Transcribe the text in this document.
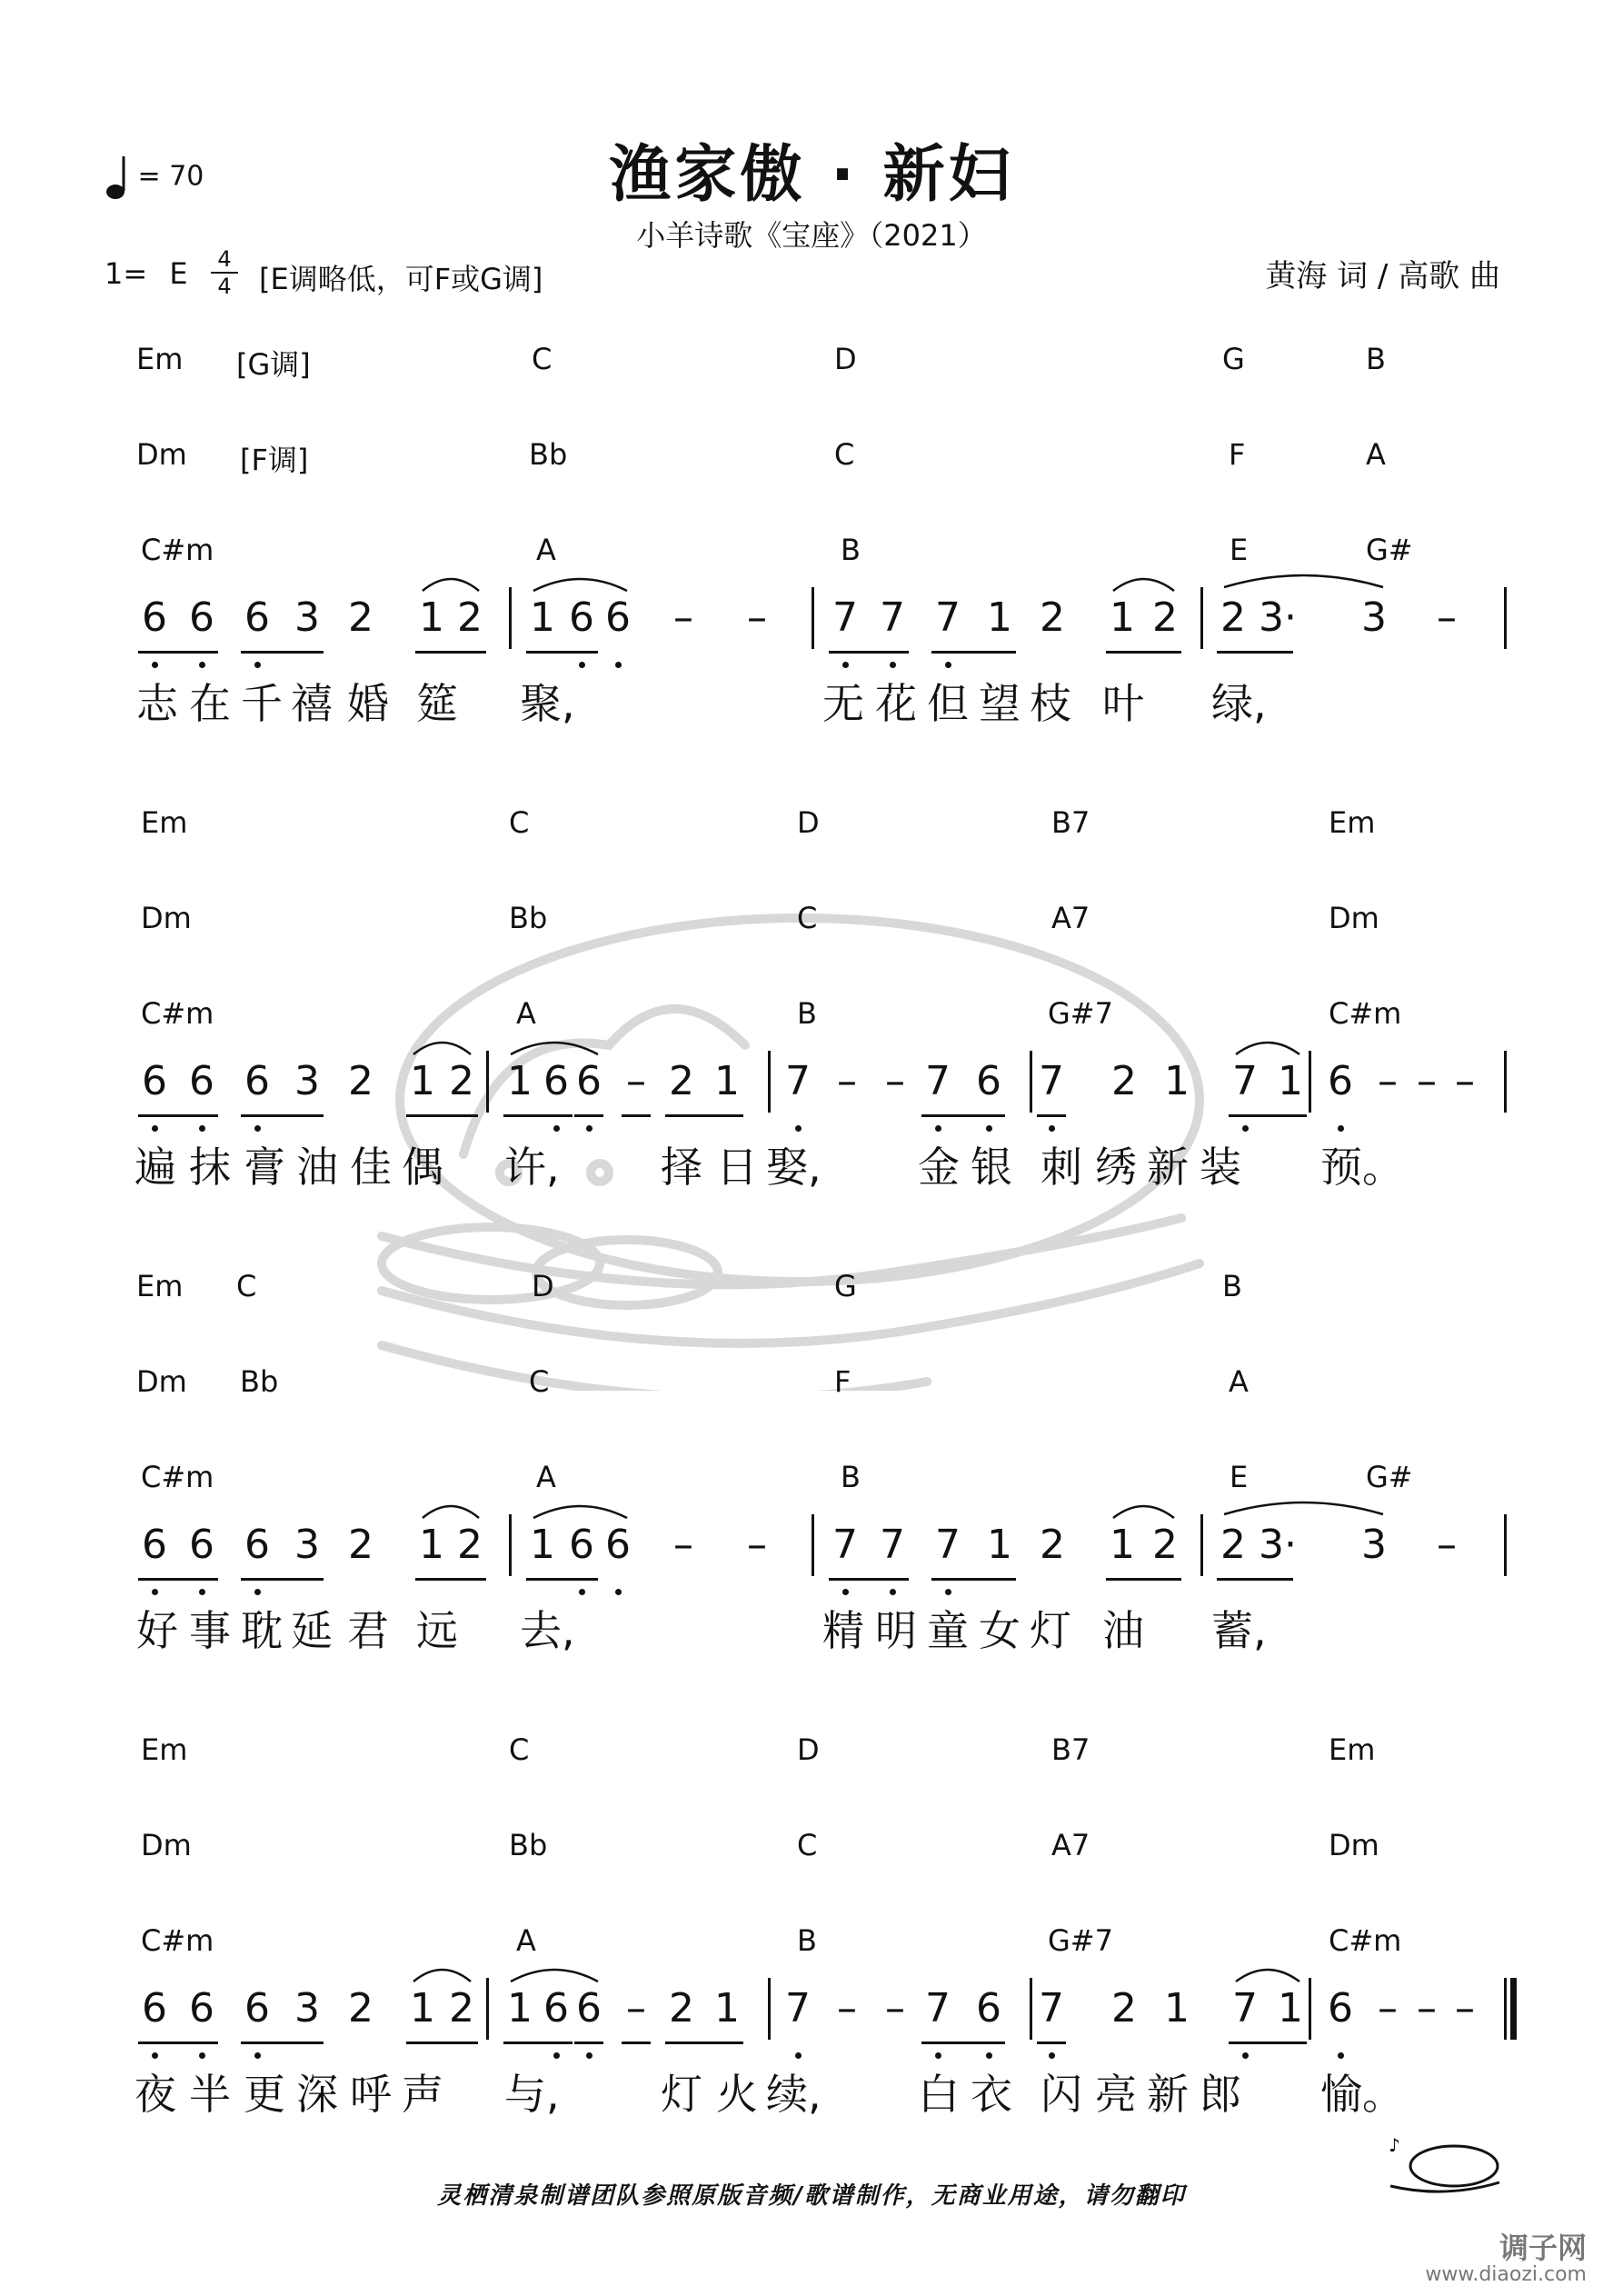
= 70	渔家傲 · 新妇
小羊诗歌《宝座》（2021）
1= E	4
4 [E调略低，可F或G调]	黄海 词 / 高歌 曲
Em [G调]	C	D	G	B
Dm [F调]	Bb	C	F	A
C#m	A	B	E	G#
6 6 6 3 2 1 2 1 6 6 – – 7 7 7 1 2 1 2 2 3· 3 –
志 在 千 禧 婚 筵 聚,	无 花 但 望 枝 叶 绿,
Em	C	D	B7	Em
Dm	Bb	C	A7	Dm
C#m	A	B	G#7	C#m
6 6 6 3 2 1 2 1 6 6 – 2 1 7 – – 7 6 7 2 1 7 1 6 – – –
遍 抹 膏 油 佳 偶 许, 择 日 娶, 金 银 刺 绣 新 装 预。
Em C	D	G	B
Dm Bb	C	F	A
C#m	A	B	E	G#
6 6 6 3 2 1 2 1 6 6 – – 7 7 7 1 2 1 2 2 3· 3 –
好 事 耽 延 君 远 去,	精 明 童 女 灯 油 蓄,
Em	C	D	B7	Em
Dm	Bb	C	A7	Dm
C#m	A	B	G#7	C#m
6 6 6 3 2 1 2 1 6 6 – 2 1 7 – – 7 6 7 2 1 7 1 6 – – –
夜 半 更 深 呼 声 与, 灯 火 续, 白 衣 闪 亮 新 郎 愉。
灵栖清泉制谱团队参照原版音频/歌谱制作，无商业用途，请勿翻印
♪
调子网
www.diaozi.com
